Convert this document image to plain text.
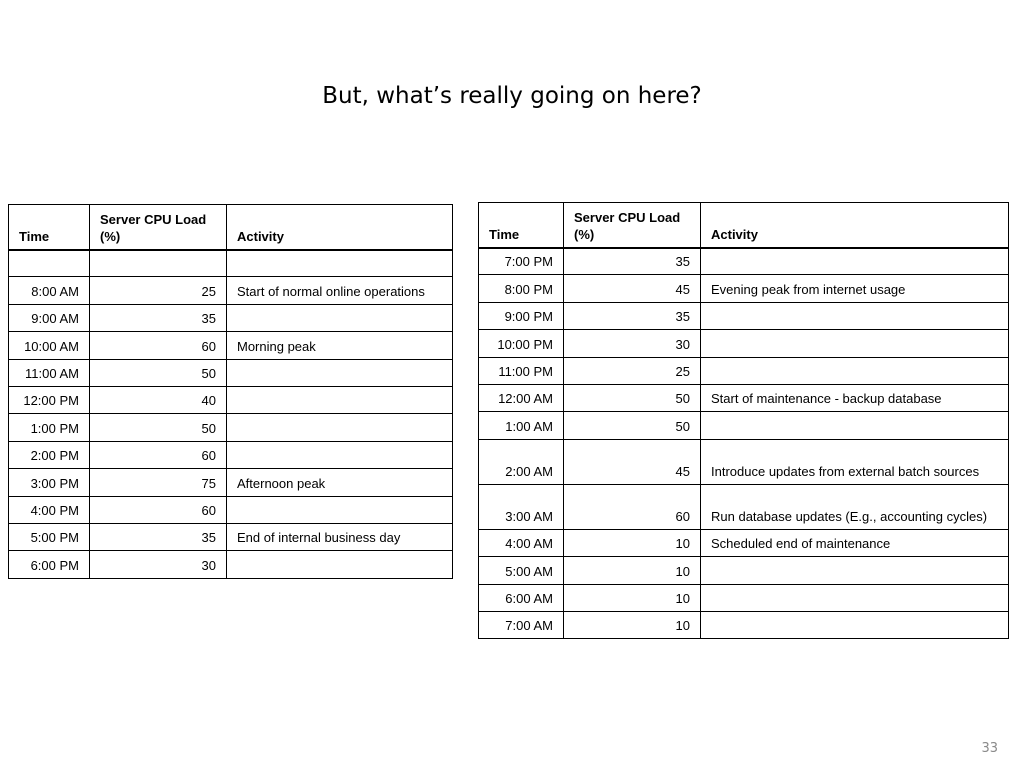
But, what’s really going on here?
Time	Server CPU Load (%)	Activity

8:00 AM	25	Start of normal online operations
9:00 AM	35	
10:00 AM	60	Morning peak
11:00 AM	50	
12:00 PM	40	
1:00 PM	50	
2:00 PM	60	
3:00 PM	75	Afternoon peak
4:00 PM	60	
5:00 PM	35	End of internal business day
6:00 PM	30	
Time	Server CPU Load (%)	Activity
7:00 PM	35	
8:00 PM	45	Evening peak from internet usage
9:00 PM	35	
10:00 PM	30	
11:00 PM	25	
12:00 AM	50	Start of maintenance - backup database
1:00 AM	50	
2:00 AM	45	Introduce updates from external batch sources
3:00 AM	60	Run database updates (E.g., accounting cycles)
4:00 AM	10	Scheduled end of maintenance
5:00 AM	10	
6:00 AM	10	
7:00 AM	10	
33
